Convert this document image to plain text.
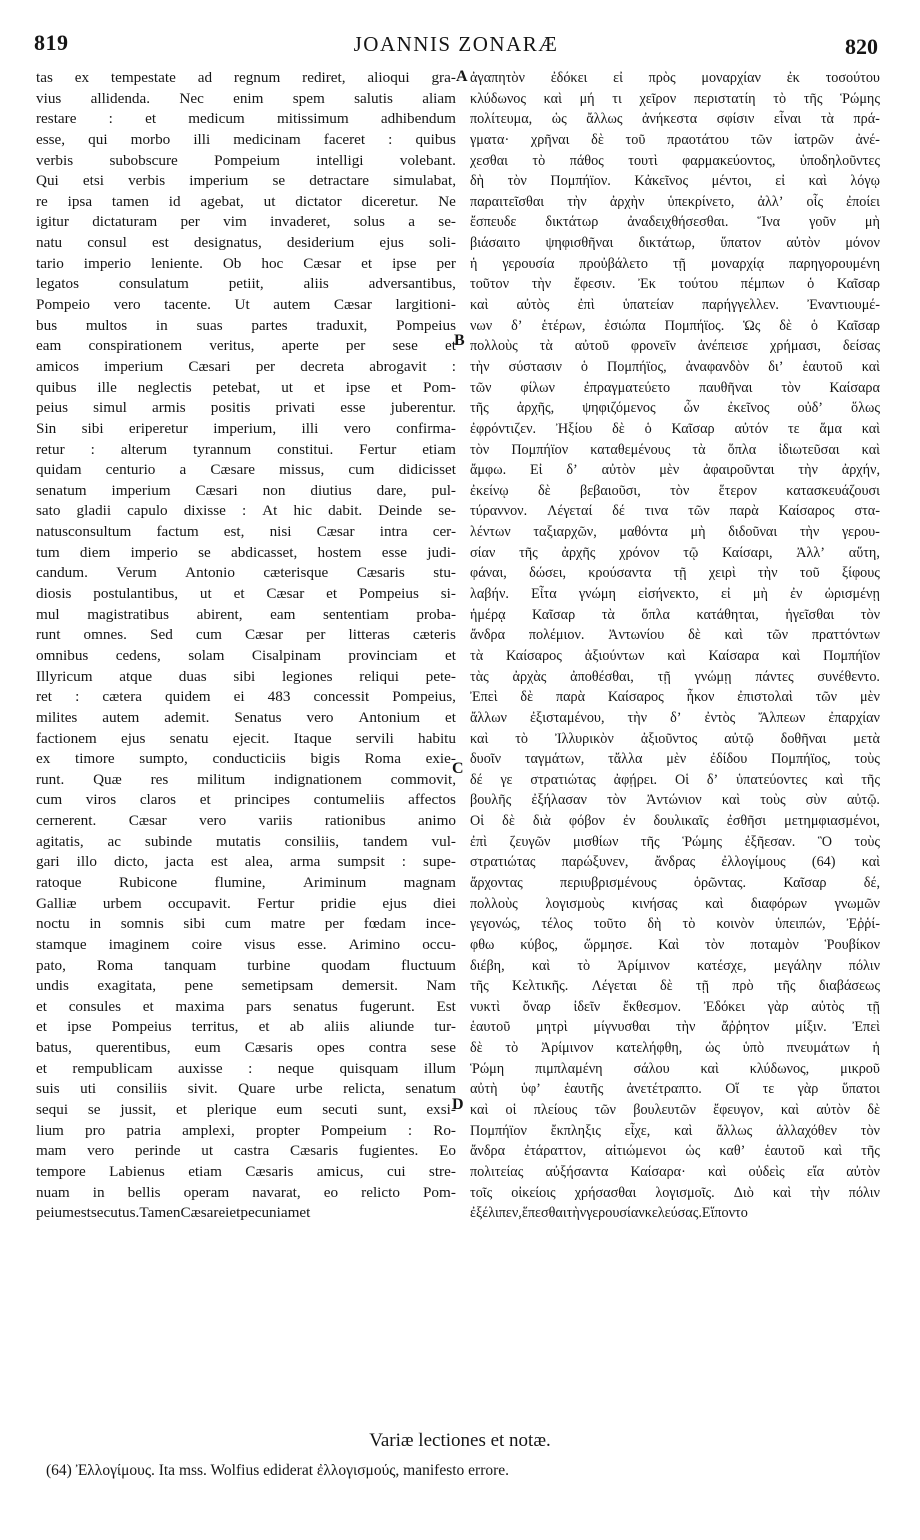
819	JOANNIS ZONARÆ	820
tas ex tempestate ad regnum rediret, alioqui gra-
vius allidenda. Nec enim spem salutis aliam
restare : et medicum mitissimum adhibendum
esse, qui morbo illi medicinam faceret : quibus
verbis subobscure Pompeium intelligi volebant.
Qui etsi verbis imperium se detractare simulabat,
re ipsa tamen id agebat, ut dictator diceretur. Ne
igitur dictaturam per vim invaderet, solus a se-
natu consul est designatus, desiderium ejus soli-
tario imperio leniente. Ob hoc Cæsar et ipse per
legatos	consulatum	petiit,	aliis	adversantibus,
Pompeio vero tacente. Ut autem Cæsar largitioni-
bus multos in suas partes traduxit, Pompeius
eam conspirationem veritus, aperte per sese et
amicos imperium Cæsari per decreta abrogavit :
quibus ille neglectis petebat, ut et ipse et Pom-
peius simul armis positis privati esse juberentur.
Sin sibi eriperetur imperium, illi vero confirma-
retur : alterum tyrannum constitui. Fertur etiam
quidam centurio a Cæsare missus, cum didicisset
senatum imperium Cæsari non diutius dare, pul-
sato gladii capulo dixisse : At hic dabit. Deinde se-
natusconsultum factum est, nisi Cæsar intra cer-
tum diem imperio se abdicasset, hostem esse judi-
candum. Verum Antonio cæterisque Cæsaris stu-
diosis postulantibus, ut et Cæsar et Pompeius si-
mul magistratibus abirent, eam sententiam proba-
runt omnes. Sed cum Cæsar per litteras cæteris
omnibus cedens, solam Cisalpinam provinciam et
Illyricum atque duas sibi legiones reliqui pete-
ret : cætera quidem ei 483 concessit Pompeius,
milites autem ademit. Senatus vero Antonium et
factionem ejus senatu ejecit. Itaque servili habitu
ex timore sumpto, conducticiis bigis Roma exie-
runt. Quæ res militum indignationem commovit,
cum viros claros et principes contumeliis affectos
cernerent. Cæsar vero variis rationibus animo
agitatis, ac subinde mutatis consiliis, tandem vul-
gari illo dicto, jacta est alea, arma sumpsit : supe-
ratoque Rubicone flumine, Ariminum magnam
Galliæ urbem occupavit. Fertur pridie ejus diei
noctu in somnis sibi cum matre per fœdam ince-
stamque imaginem coire visus esse. Arimino occu-
pato, Roma tanquam turbine quodam fluctuum
undis exagitata, pene semetipsam demersit. Nam
et consules et maxima pars senatus fugerunt. Est
et ipse Pompeius territus, et ab aliis aliunde tur-
batus, querentibus, eum Cæsaris opes contra sese
et rempublicam auxisse : neque quisquam illum
suis uti consiliis sivit. Quare urbe relicta, senatum
sequi se jussit, et plerique eum secuti sunt, exsi-
lium pro patria amplexi, propter Pompeium : Ro-
mam vero perinde ut castra Cæsaris fugientes. Eo
tempore Labienus etiam Cæsaris amicus, cui stre-
nuam in bellis operam navarat, eo relicto Pom-
peium est secutus. Tamen Cæsar ei et pecuniam et
ἀγαπητὸν ἐδόκει εἰ πρὸς μοναρχίαν ἐκ τοσούτου
κλύδωνος καὶ μή τι χεῖρον περιστατίη τὸ τῆς Ῥώμης
πολίτευμα, ὡς ἄλλως ἀνήκεστα σφίσιν εἶναι τὰ πρά-
γματα· χρῆναι δὲ τοῦ πραοτάτου τῶν ἰατρῶν ἀνέ-
χεσθαι τὸ πάθος τουτὶ φαρμακεύοντος, ὑποδηλοῦντες
δὴ τὸν Πομπήϊον. Κἀκεῖνος μέντοι, εἰ καὶ λόγῳ
παραιτεῖσθαι τὴν ἀρχὴν ὑπεκρίνετο, ἀλλ’ οἷς ἐποίει
ἔσπευδε δικτάτωρ ἀναδειχθήσεσθαι. Ἵνα γοῦν μὴ
βιάσαιτο ψηφισθῆναι δικτάτωρ, ὕπατον αὐτὸν μόνον
ἡ γερουσία προὐβάλετο τῇ μοναρχίᾳ παρηγορουμένη
τοῦτον τὴν ἔφεσιν. Ἐκ τούτου πέμπων ὁ Καῖσαρ
καὶ αὐτὸς ἐπὶ ὑπατείαν παρήγγελλεν. Ἐναντιουμέ-
νων δ’ ἑτέρων, ἐσιώπα Πομπήϊος. Ὡς δὲ ὁ Καῖσαρ
πολλοὺς τὰ αὐτοῦ φρονεῖν ἀνέπεισε χρήμασι, δείσας
τὴν σύστασιν ὁ Πομπήϊος, ἀναφανδὸν δι’ ἑαυτοῦ καὶ
τῶν φίλων ἐπραγματεύετο παυθῆναι τὸν Καίσαρα
τῆς ἀρχῆς, ψηφιζόμενος ὧν ἐκεῖνος οὐδ’ ὅλως
ἐφρόντιζεν. Ἠξίου δὲ ὁ Καῖσαρ αὐτόν τε ἅμα καὶ
τὸν Πομπήϊον καταθεμένους τὰ ὅπλα ἰδιωτεῦσαι καὶ
ἄμφω. Εἰ δ’ αὐτὸν μὲν ἀφαιροῦνται τὴν ἀρχήν,
ἐκείνῳ δὲ βεβαιοῦσι, τὸν ἕτερον κατασκευάζουσι
τύραννον. Λέγεταί δέ τινα τῶν παρὰ Καίσαρος στα-
λέντων ταξιαρχῶν, μαθόντα μὴ διδοῦναι τὴν γερου-
σίαν τῆς ἀρχῆς χρόνον τῷ Καίσαρι, Ἀλλ’ αὕτη,
φάναι, δώσει, κρούσαντα τῇ χειρὶ τὴν τοῦ ξίφους
λαβήν. Εἶτα γνώμη εἰσήνεκτο, εἰ μὴ ἐν ὡρισμένῃ
ἡμέρᾳ Καῖσαρ τὰ ὅπλα κατάθηται, ἡγεῖσθαι τὸν
ἄνδρα πολέμιον. Ἀντωνίου δὲ καὶ τῶν πραττόντων
τὰ Καίσαρος ἀξιούντων καὶ Καίσαρα καὶ Πομπήϊον
τὰς ἀρχὰς ἀποθέσθαι, τῇ γνώμῃ πάντες συνέθεντο.
Ἐπεὶ δὲ παρὰ Καίσαρος ἧκον ἐπιστολαὶ τῶν μὲν
ἄλλων ἐξισταμένου, τὴν δ’ ἐντὸς Ἄλπεων ἐπαρχίαν
καὶ τὸ Ἰλλυρικὸν ἀξιοῦντος αὐτῷ δοθῆναι μετὰ
δυοῖν ταγμάτων, τἄλλα μὲν ἐδίδου Πομπήϊος, τοὺς
δέ γε στρατιώτας ἀφῄρει. Οἱ δ’ ὑπατεύοντες καὶ τῆς
βουλῆς ἐξήλασαν τὸν Ἀντώνιον καὶ τοὺς σὺν αὐτῷ.
Οἱ δὲ διὰ φόβον ἐν δουλικαῖς ἐσθῆσι μετημφιασμένοι,
ἐπὶ ζευγῶν μισθίων τῆς Ῥώμης ἐξῆεσαν. Ὃ τοὺς
στρατιώτας παρώξυνεν, ἄνδρας ἐλλογίμους (64) καὶ
ἄρχοντας	περιυβρισμένους	ὁρῶντας.	Καῖσαρ	δέ,
πολλοὺς λογισμοὺς κινήσας καὶ διαφόρων γνωμῶν
γεγονώς, τέλος τοῦτο δὴ τὸ κοινὸν ὑπειπών, Ἐῤῥί-
φθω κύβος, ὥρμησε. Καὶ τὸν ποταμὸν Ῥουβίκον
διέβη, καὶ τὸ Ἀρίμινον κατέσχε, μεγάλην πόλιν
τῆς Κελτικῆς. Λέγεται δὲ τῇ πρὸ τῆς διαβάσεως
νυκτὶ ὄναρ ἰδεῖν ἔκθεσμον. Ἐδόκει γὰρ αὐτὸς τῇ
ἑαυτοῦ μητρὶ μίγνυσθαι τὴν ἄῤῥητον μίξιν. Ἐπεὶ
δὲ τὸ Ἀρίμινον κατελήφθη, ὡς ὑπὸ πνευμάτων ἡ
Ῥώμη πιμπλαμένη σάλου καὶ κλύδωνος, μικροῦ
αὐτὴ ὑφ’ ἑαυτῆς ἀνετέτραπτο. Οἵ τε γὰρ ὕπατοι
καὶ οἱ πλείους τῶν βουλευτῶν ἔφευγον, καὶ αὐτὸν δὲ
Πομπήϊον ἔκπληξις εἶχε, καὶ ἄλλως ἀλλαχόθεν τὸν
ἄνδρα ἐτάραττον, αἰτιώμενοι ὡς καθ’ ἑαυτοῦ καὶ τῆς
πολιτείας αὐξήσαντα Καίσαρα· καὶ οὐδεὶς εἴα αὐτὸν
τοῖς οἰκείοις χρήσασθαι λογισμοῖς. Διὸ καὶ τὴν πόλιν
ἐξέλιπεν, ἕπεσθαι τὴν γερουσίαν κελεύσας. Εἵποντο
A
B
C
D
Variæ lectiones et notæ.
(64) Ἐλλογίμους. Ita mss. Wolfius ediderat ἐλλογισμούς, manifesto errore.
